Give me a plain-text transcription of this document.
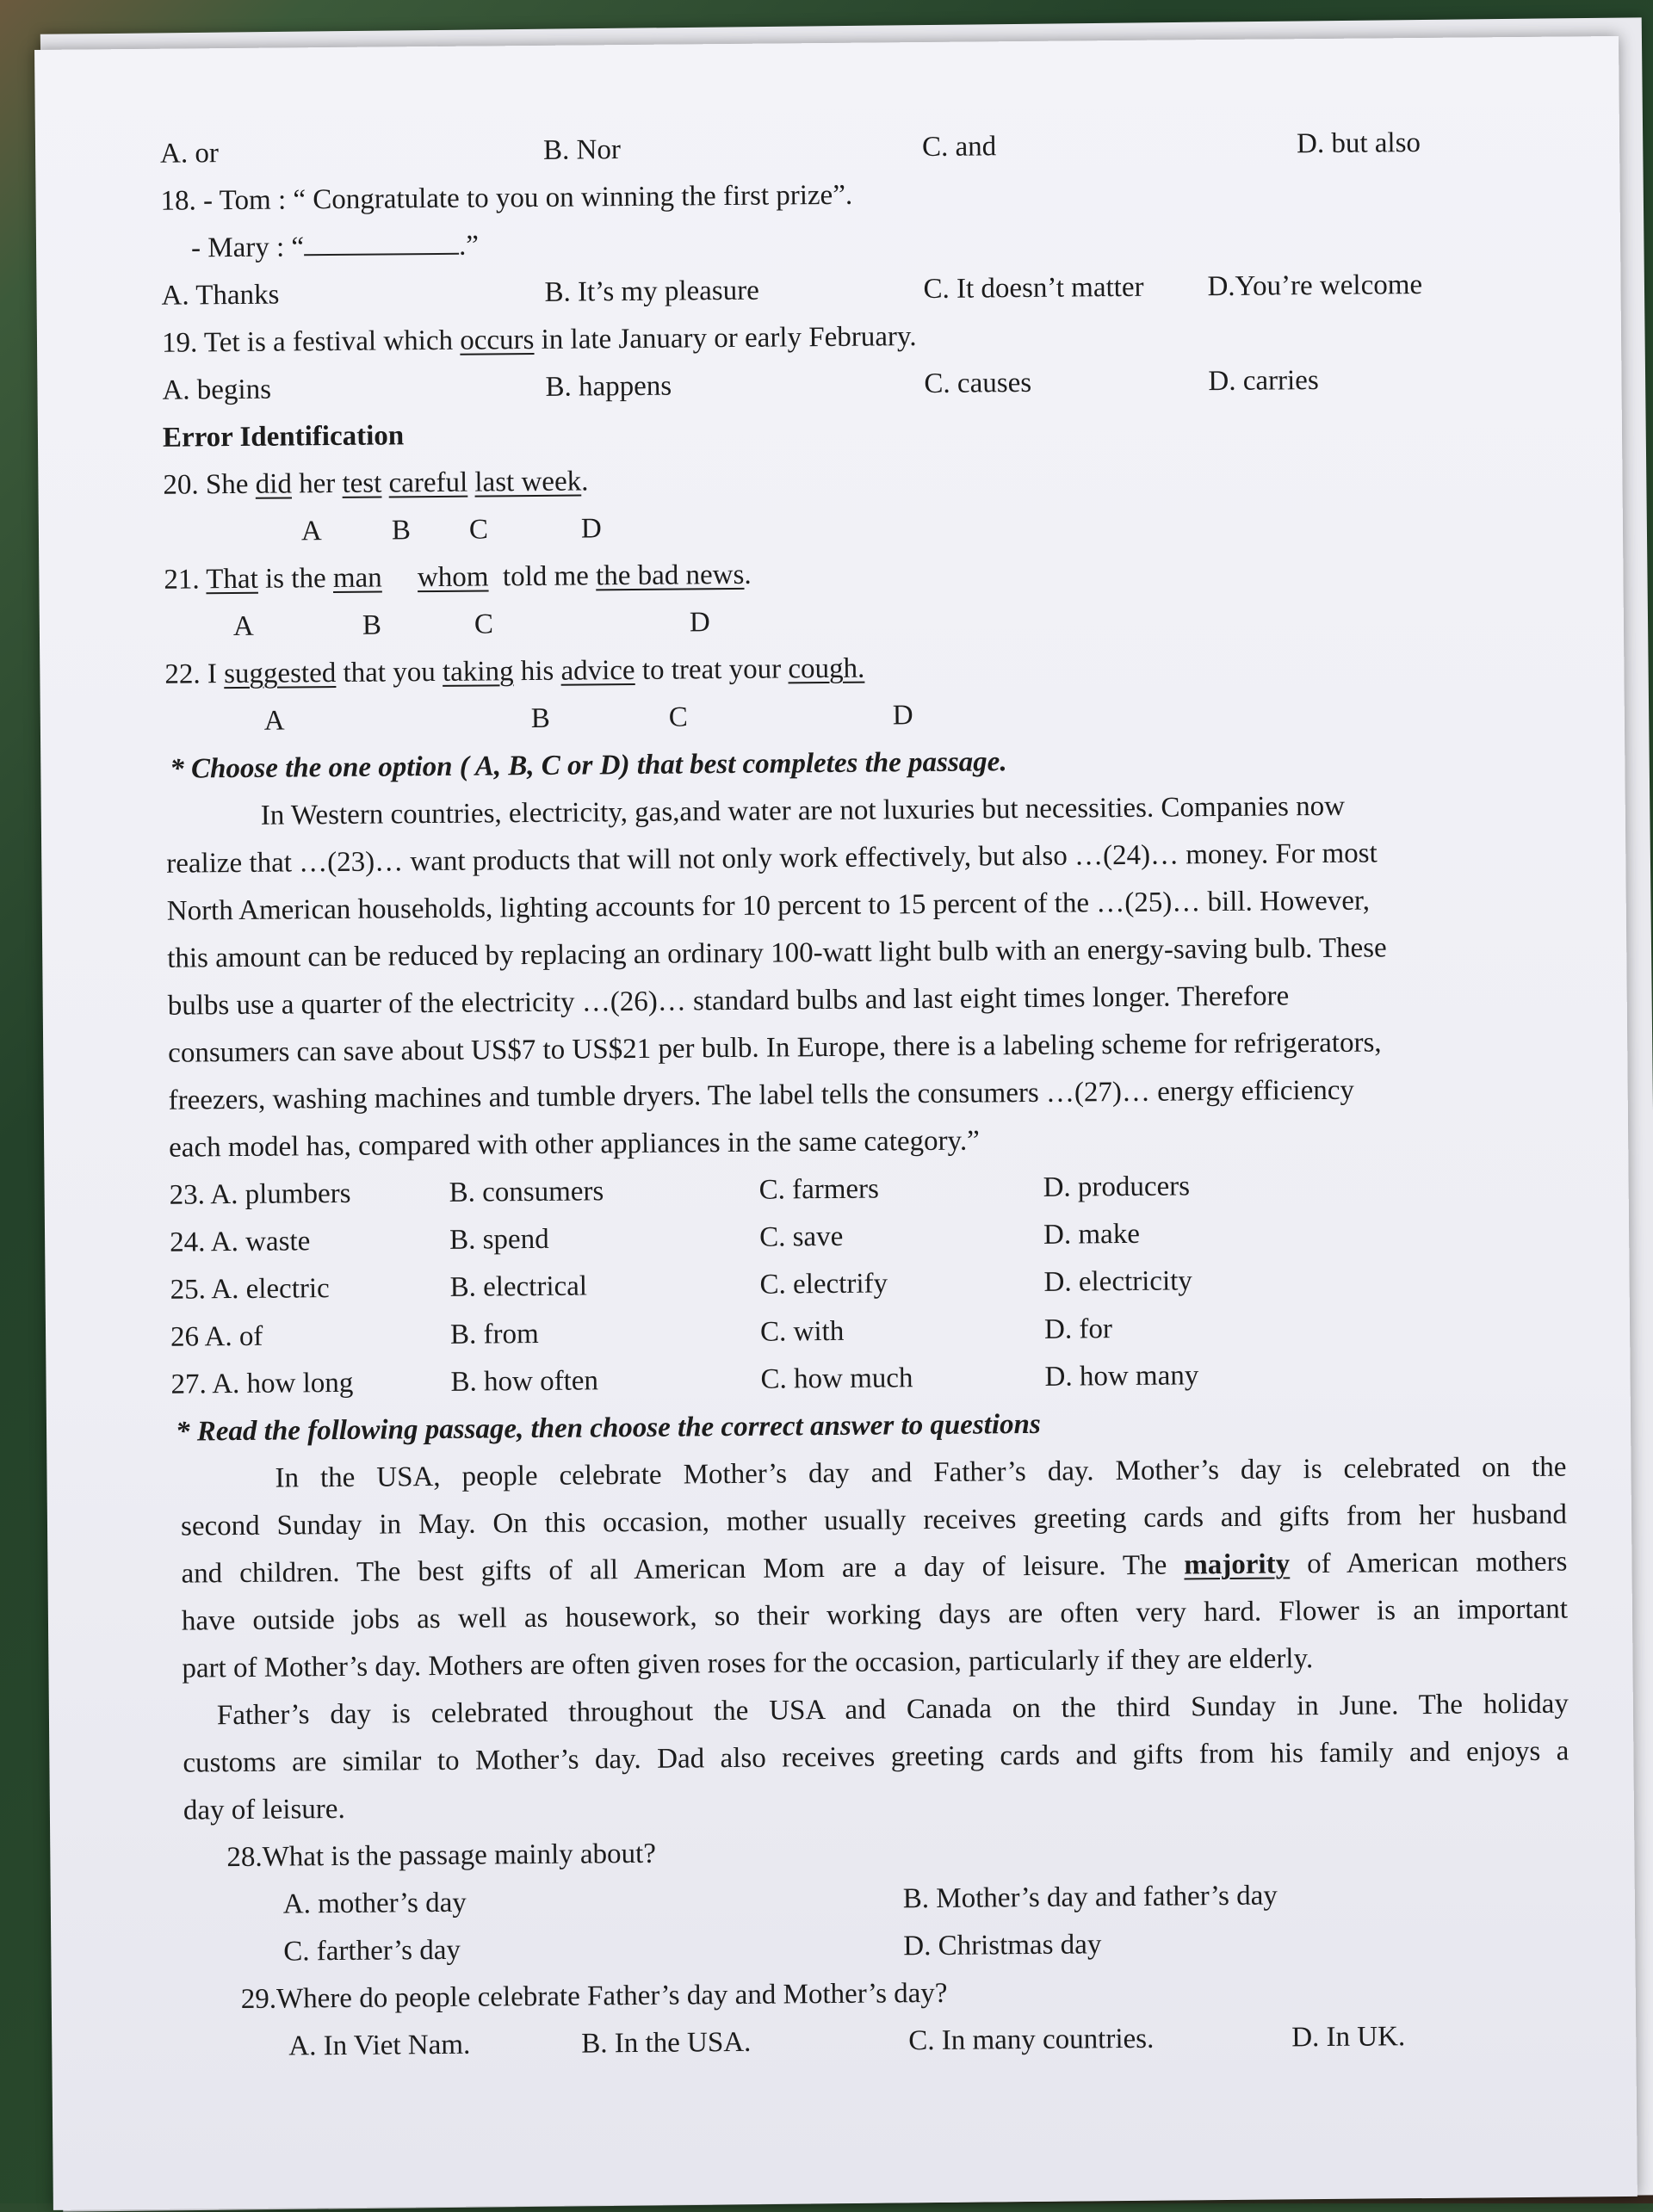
A. or	B. Nor	C. and	D. but also
18. - Tom : “ Congratulate to you on winning the first prize”.
- Mary : “	.”
A. Thanks	B. It’s my pleasure	C. It doesn’t matter D.You’re welcome
19. Tet is a festival which occurs in late January or early February.
A. begins	B. happens	C. causes	D. carries
Error Identification
20. She did her test careful last week.
A B C	D
21. That is the man whom  told me the bad news.
A	B	C	D
22. I suggested that you taking his advice to treat your cough.
A	B	C	D
* Choose the one option ( A, B, C or D) that best completes the passage.
In Western countries, electricity, gas,and water are not luxuries but necessities. Companies now
realize that …(23)… want products that will not only work effectively, but also …(24)… money. For most
North American households, lighting accounts for 10 percent to 15 percent of the …(25)… bill. However,
this amount can be reduced by replacing an ordinary 100-watt light bulb with an energy-saving bulb. These
bulbs use a quarter of the electricity …(26)… standard bulbs and last eight times longer. Therefore
consumers can save about US$7 to US$21 per bulb. In Europe, there is a labeling scheme for refrigerators,
freezers, washing machines and tumble dryers. The label tells the consumers …(27)… energy efficiency
each model has, compared with other appliances in the same category.”
23. A. plumbers	B. consumers	C. farmers	D. producers
24. A. waste	B. spend	C. save	D. make
25. A. electric	B. electrical	C. electrify	D. electricity
26 A. of	B. from	C. with	D. for
27. A. how long	B. how often	C. how much	D. how many
* Read the following passage, then choose the correct answer to questions
In the USA, people celebrate Mother’s day and Father’s day. Mother’s day is celebrated on the
second Sunday in May. On this occasion, mother usually receives greeting cards and gifts from her husband
and children. The best gifts of all American Mom are a day of leisure. The majority of American mothers
have outside jobs as well as housework, so their working days are often very hard. Flower is an important
part of Mother’s day. Mothers are often given roses for the occasion, particularly if they are elderly.
Father’s day is celebrated throughout the USA and Canada on the third Sunday in June. The holiday
customs are similar to Mother’s day. Dad also receives greeting cards and gifts from his family and enjoys a
day of leisure.
28.What is the passage mainly about?
A. mother’s day	B. Mother’s day and father’s day
C. farther’s day	D. Christmas day
29.Where do people celebrate Father’s day and Mother’s day?
A. In Viet Nam.	B. In the USA.	C. In many countries.	D. In UK.
